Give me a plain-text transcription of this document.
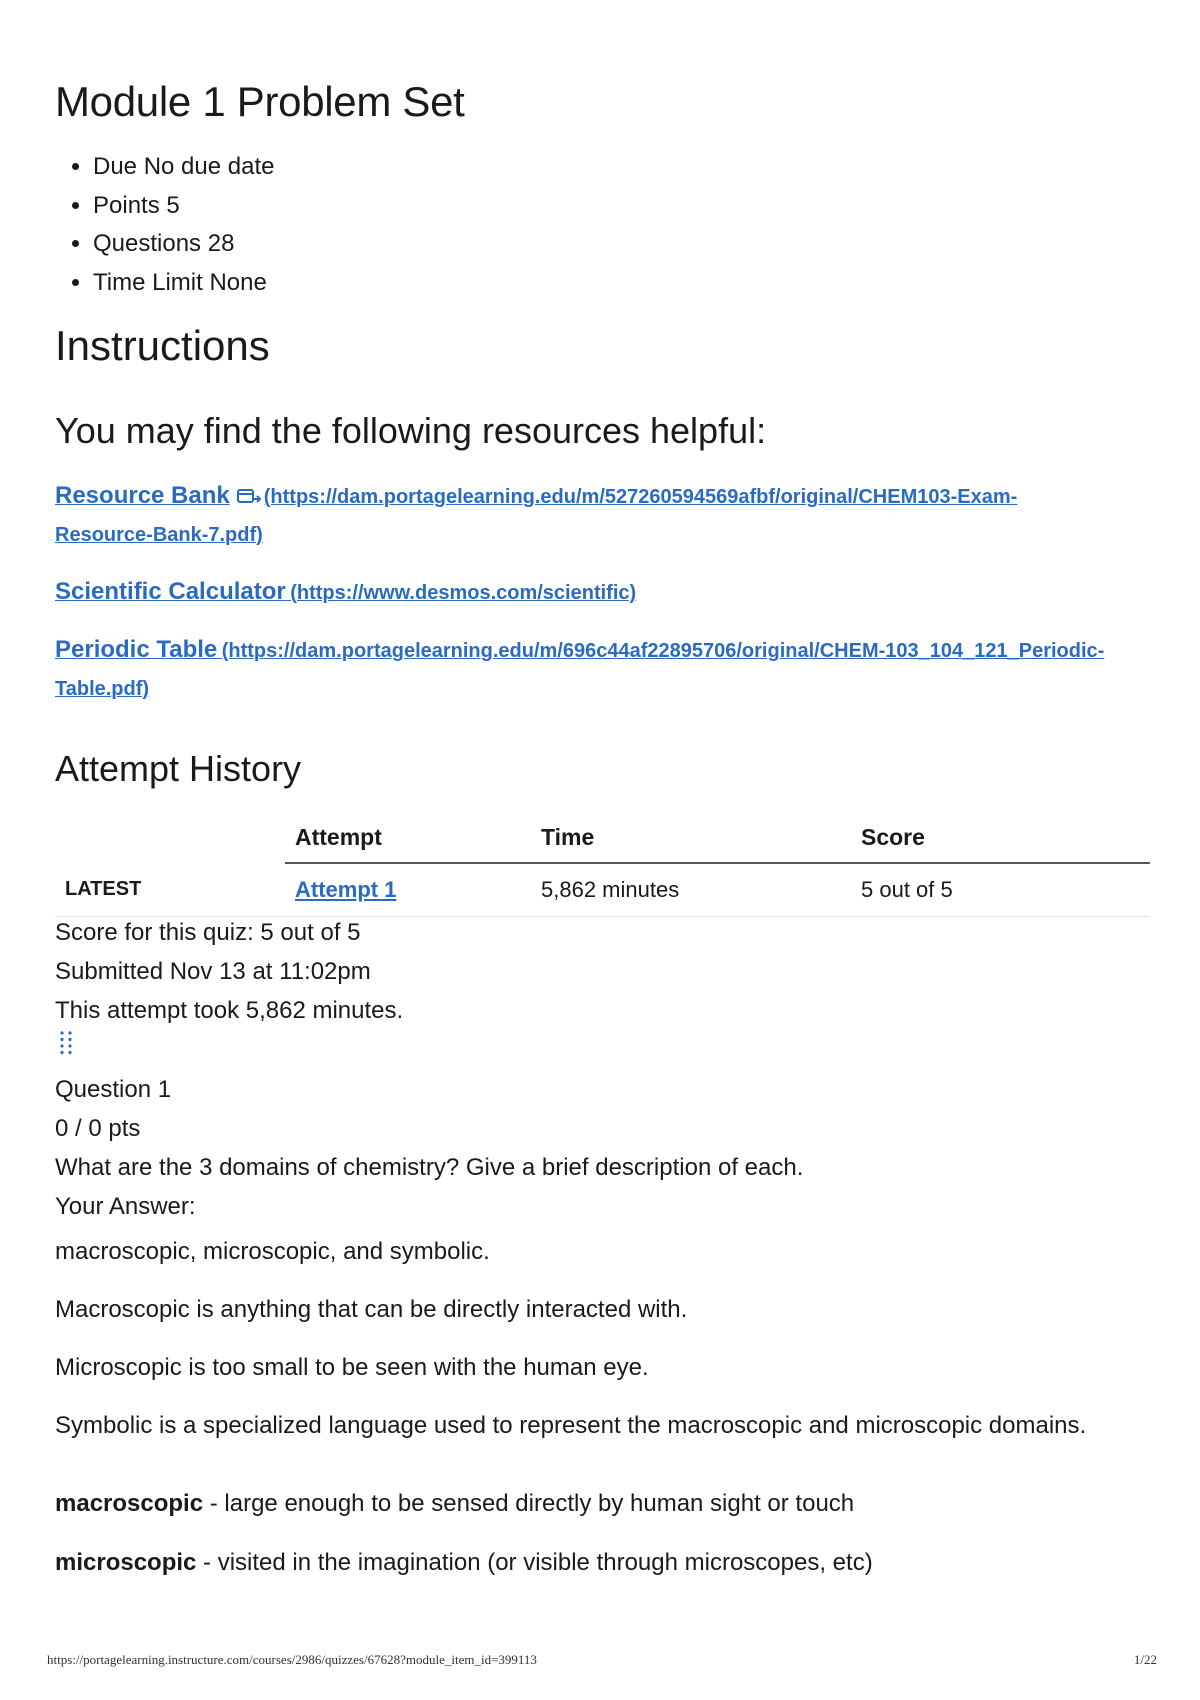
Module 1 Problem Set
• Due No due date
• Points 5
• Questions 28
• Time Limit None
Instructions
You may find the following resources helpful:
Resource Bank (https://dam.portagelearning.edu/m/527260594569afbf/original/CHEM103-Exam-Resource-Bank-7.pdf)
Scientific Calculator (https://www.desmos.com/scientific)
Periodic Table (https://dam.portagelearning.edu/m/696c44af22895706/original/CHEM-103_104_121_Periodic-Table.pdf)
Attempt History
	Attempt	Time	Score
LATEST	Attempt 1	5,862 minutes	5 out of 5
Score for this quiz: 5 out of 5
Submitted Nov 13 at 11:02pm
This attempt took 5,862 minutes.
Question 1
0 / 0 pts
What are the 3 domains of chemistry? Give a brief description of each.
Your Answer:

macroscopic, microscopic, and symbolic.

Macroscopic is anything that can be directly interacted with.

Microscopic is too small to be seen with the human eye.

Symbolic is a specialized language used to represent the macroscopic and microscopic domains.

macroscopic - large enough to be sensed directly by human sight or touch

microscopic - visited in the imagination (or visible through microscopes, etc)

https://portagelearning.instructure.com/courses/2986/quizzes/67628?module_item_id=399113	1/22
